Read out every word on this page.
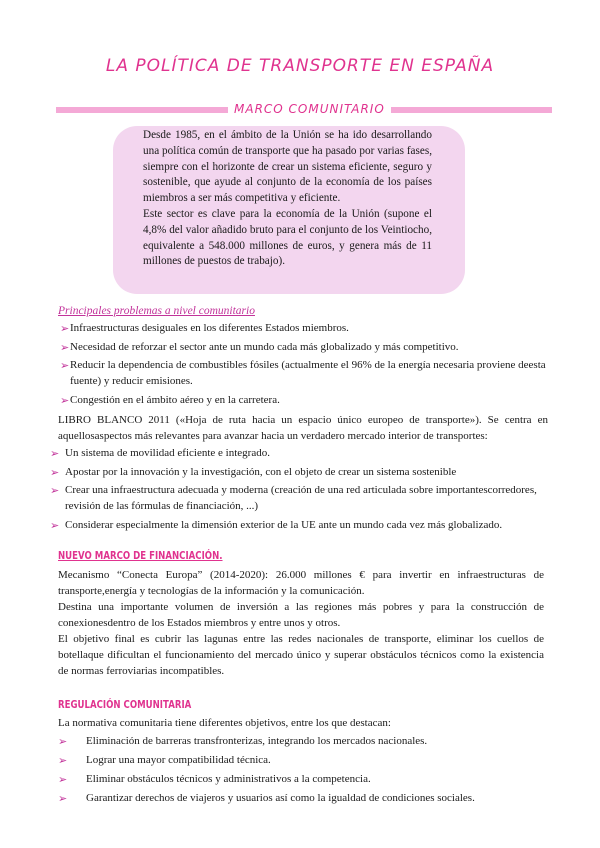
LA POLÍTICA DE TRANSPORTE EN ESPAÑA
MARCO COMUNITARIO

Desde 1985, en el ámbito de la Unión se ha ido desarrollando una política común de transporte que ha pasado por varias fases, siempre con el horizonte de crear un sistema eficiente, seguro y sostenible, que ayude al conjunto de la economía de los países miembros a ser más competitiva y eficiente.

Este sector es clave para la economía de la Unión (supone el 4,8% del valor añadido bruto para el conjunto de los Veintiocho, equivalente a 548.000 millones de euros, y genera más de 11 millones de puestos de trabajo).

Principales problemas a nivel comunitario
➢ Infraestructuras desiguales en los diferentes Estados miembros.
➢ Necesidad de reforzar el sector ante un mundo cada más globalizado y más competitivo.
➢ Reducir la dependencia de combustibles fósiles (actualmente el 96% de la energía necesaria proviene deesta fuente) y reducir emisiones.
➢ Congestión en el ámbito aéreo y en la carretera.

LIBRO BLANCO 2011 («Hoja de ruta hacia un espacio único europeo de transporte»). Se centra en aquellosaspectos más relevantes para avanzar hacia un verdadero mercado interior de transportes:

➢ Un sistema de movilidad eficiente e integrado.
➢ Apostar por la innovación y la investigación, con el objeto de crear un sistema sostenible
➢ Crear una infraestructura adecuada y moderna (creación de una red articulada sobre importantescorredores, revisión de las fórmulas de financiación, ...)
➢ Considerar especialmente la dimensión exterior de la UE ante un mundo cada vez más globalizado.
NUEVO MARCO DE FINANCIACIÓN.

Mecanismo “Conecta Europa” (2014-2020): 26.000 millones € para invertir en infraestructuras de transporte,energía y tecnologías de la información y la comunicación.

Destina una importante volumen de inversión a las regiones más pobres y para la construcción de conexionesdentro de los Estados miembros y entre unos y otros.

El objetivo final es cubrir las lagunas entre las redes nacionales de transporte, eliminar los cuellos de botellaque dificultan el funcionamiento del mercado único y superar obstáculos técnicos como la existencia de normas ferroviarias incompatibles.

REGULACIÓN COMUNITARIA

La normativa comunitaria tiene diferentes objetivos, entre los que destacan:

➢ Eliminación de barreras transfronterizas, integrando los mercados nacionales.
➢ Lograr una mayor compatibilidad técnica.
➢ Eliminar obstáculos técnicos y administrativos a la competencia.
➢ Garantizar derechos de viajeros y usuarios así como la igualdad de condiciones sociales.
